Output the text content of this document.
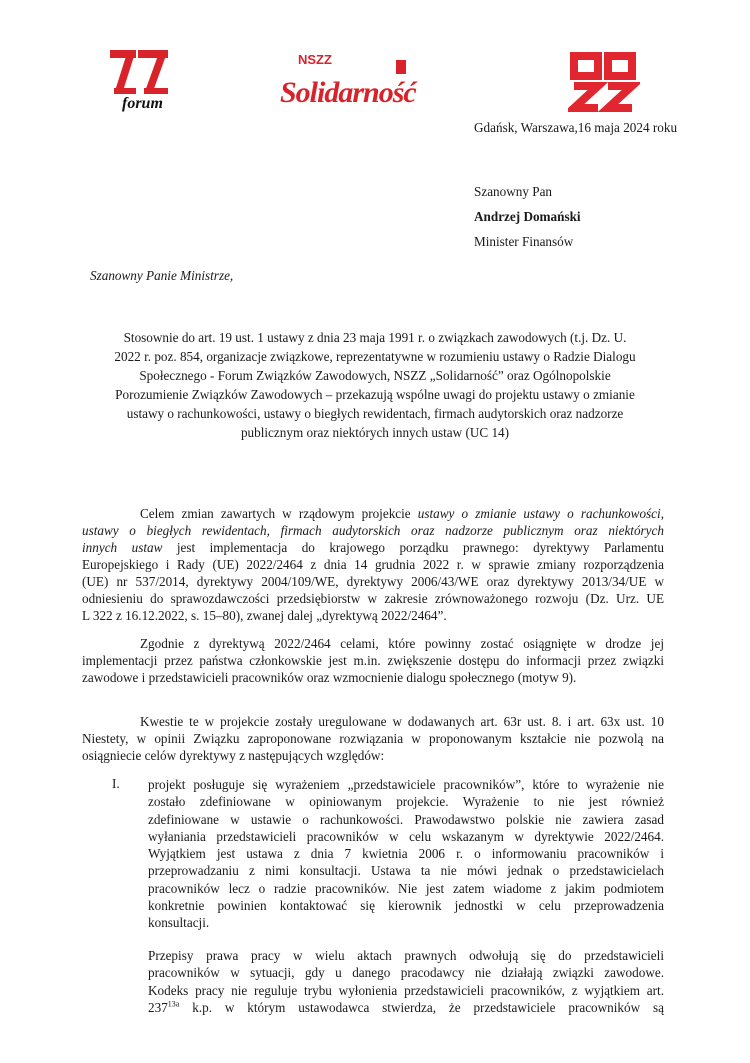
forum
NSZZ
Solidarność
OPZZ
Gdańsk, Warszawa,16 maja 2024 roku
Szanowny Pan
Andrzej Domański
Minister Finansów
Szanowny Panie Ministrze,
Stosownie do art. 19 ust. 1 ustawy z dnia 23 maja 1991 r. o związkach zawodowych (t.j. Dz. U.
2022 r. poz. 854, organizacje związkowe, reprezentatywne w rozumieniu ustawy o Radzie Dialogu
Społecznego - Forum Związków Zawodowych, NSZZ „Solidarność” oraz Ogólnopolskie
Porozumienie Związków Zawodowych – przekazują wspólne uwagi do projektu ustawy o zmianie
ustawy o rachunkowości, ustawy o biegłych rewidentach, firmach audytorskich oraz nadzorze
publicznym oraz niektórych innych ustaw (UC 14)
Celem zmian zawartych w rządowym projekcie ustawy o zmianie ustawy o rachunkowości,
ustawy o biegłych rewidentach, firmach audytorskich oraz nadzorze publicznym oraz niektórych
innych ustaw jest implementacja do krajowego porządku prawnego: dyrektywy Parlamentu
Europejskiego i Rady (UE) 2022/2464 z dnia 14 grudnia 2022 r. w sprawie zmiany rozporządzenia
(UE) nr 537/2014, dyrektywy 2004/109/WE, dyrektywy 2006/43/WE oraz dyrektywy 2013/34/UE w
odniesieniu do sprawozdawczości przedsiębiorstw w zakresie zrównoważonego rozwoju (Dz. Urz. UE
L 322 z 16.12.2022, s. 15–80), zwanej dalej „dyrektywą 2022/2464”.
Zgodnie z dyrektywą 2022/2464 celami, które powinny zostać osiągnięte w drodze jej
implementacji przez państwa członkowskie jest m.in. zwiększenie dostępu do informacji przez związki
zawodowe i przedstawicieli pracowników oraz wzmocnienie dialogu społecznego (motyw 9).
Kwestie te w projekcie zostały uregulowane w dodawanych art. 63r ust. 8. i art. 63x ust. 10
Niestety, w opinii Związku zaproponowane rozwiązania w proponowanym kształcie nie pozwolą na
osiągniecie celów dyrektywy z następujących względów:
I. projekt posługuje się wyrażeniem „przedstawiciele pracowników”, które to wyrażenie nie
zostało zdefiniowane w opiniowanym projekcie. Wyrażenie to nie jest również
zdefiniowane w ustawie o rachunkowości. Prawodawstwo polskie nie zawiera zasad
wyłaniania przedstawicieli pracowników w celu wskazanym w dyrektywie 2022/2464.
Wyjątkiem jest ustawa z dnia 7 kwietnia 2006 r. o informowaniu pracowników i
przeprowadzaniu z nimi konsultacji. Ustawa ta nie mówi jednak o przedstawicielach
pracowników lecz o radzie pracowników. Nie jest zatem wiadome z jakim podmiotem
konkretnie powinien kontaktować się kierownik jednostki w celu przeprowadzenia
konsultacji.
Przepisy prawa pracy w wielu aktach prawnych odwołują się do przedstawicieli
pracowników w sytuacji, gdy u danego pracodawcy nie działają związki zawodowe.
Kodeks pracy nie reguluje trybu wyłonienia przedstawicieli pracowników, z wyjątkiem art.
$237^{13a}$ k.p. w którym ustawodawca stwierdza, że przedstawiciele pracowników są
